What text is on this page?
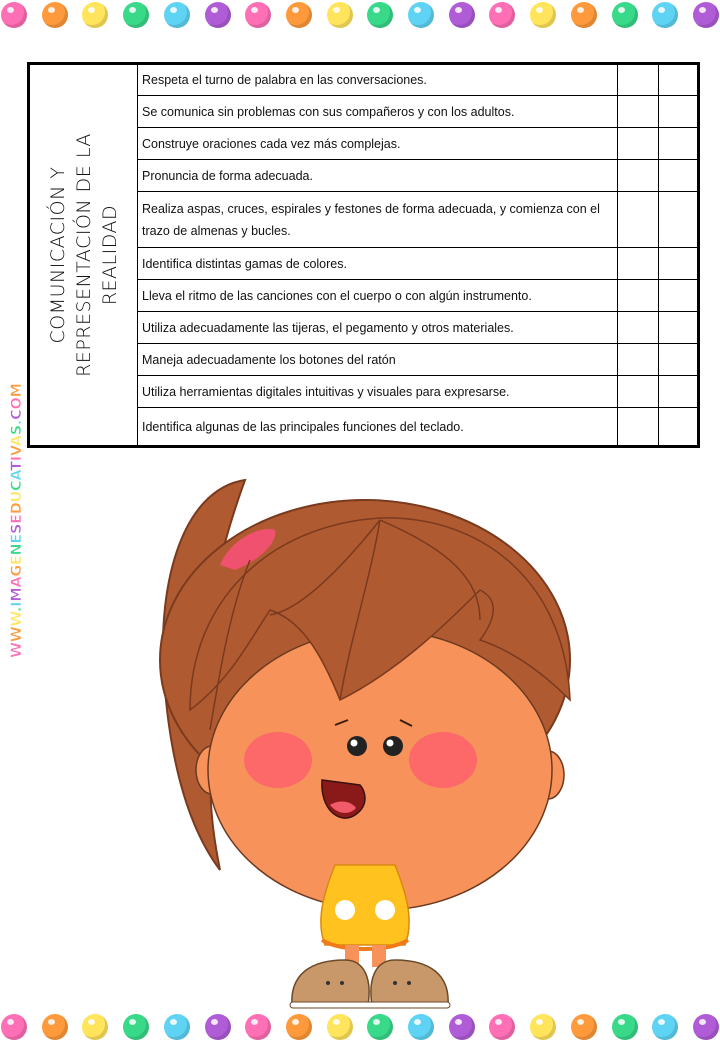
WWW.IMAGENESEDUCATIVAS.COM
COMUNICACIÓN Y REPRESENTACIÓN DE LA REALIDAD
Respeta el turno de palabra en las conversaciones.
Se comunica sin problemas con sus compañeros y con los adultos.
Construye oraciones cada vez más complejas.
Pronuncia de forma adecuada.
Realiza aspas, cruces, espirales y festones de forma adecuada, y comienza con el trazo de almenas y bucles.
Identifica distintas gamas de colores.
Lleva el ritmo de las canciones con el cuerpo o con algún instrumento.
Utiliza adecuadamente las tijeras, el pegamento y otros materiales.
Maneja adecuadamente los botones del ratón
Utiliza herramientas digitales intuitivas y visuales para expresarse.
Identifica algunas de las principales funciones del teclado.
